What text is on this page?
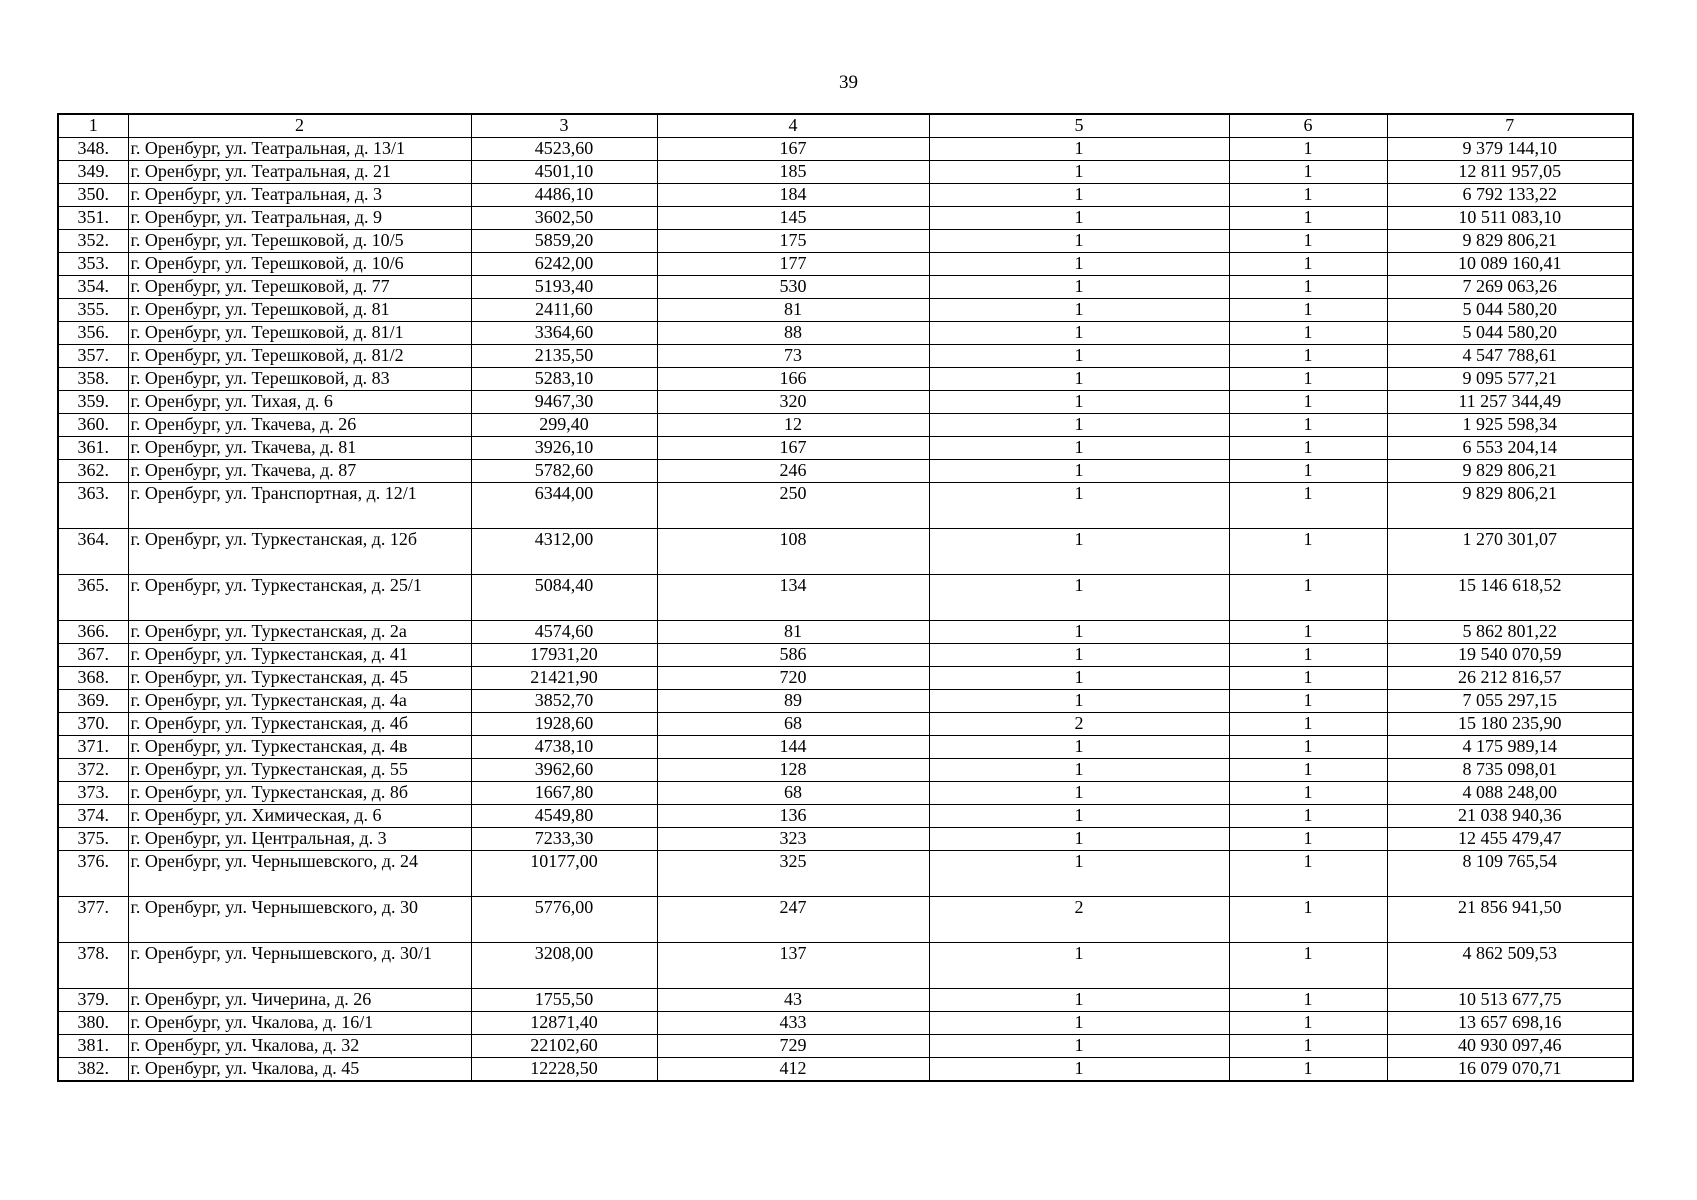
39
1	2	3	4	5	6	7
348.	г. Оренбург, ул. Театральная, д. 13/1	4523,60	167	1	1	9 379 144,10
349.	г. Оренбург, ул. Театральная, д. 21	4501,10	185	1	1	12 811 957,05
350.	г. Оренбург, ул. Театральная, д. 3	4486,10	184	1	1	6 792 133,22
351.	г. Оренбург, ул. Театральная, д. 9	3602,50	145	1	1	10 511 083,10
352.	г. Оренбург, ул. Терешковой, д. 10/5	5859,20	175	1	1	9 829 806,21
353.	г. Оренбург, ул. Терешковой, д. 10/6	6242,00	177	1	1	10 089 160,41
354.	г. Оренбург, ул. Терешковой, д. 77	5193,40	530	1	1	7 269 063,26
355.	г. Оренбург, ул. Терешковой, д. 81	2411,60	81	1	1	5 044 580,20
356.	г. Оренбург, ул. Терешковой, д. 81/1	3364,60	88	1	1	5 044 580,20
357.	г. Оренбург, ул. Терешковой, д. 81/2	2135,50	73	1	1	4 547 788,61
358.	г. Оренбург, ул. Терешковой, д. 83	5283,10	166	1	1	9 095 577,21
359.	г. Оренбург, ул. Тихая, д. 6	9467,30	320	1	1	11 257 344,49
360.	г. Оренбург, ул. Ткачева, д. 26	299,40	12	1	1	1 925 598,34
361.	г. Оренбург, ул. Ткачева, д. 81	3926,10	167	1	1	6 553 204,14
362.	г. Оренбург, ул. Ткачева, д. 87	5782,60	246	1	1	9 829 806,21
363.	г. Оренбург, ул. Транспортная, д. 12/1	6344,00	250	1	1	9 829 806,21
364.	г. Оренбург, ул. Туркестанская, д. 12б	4312,00	108	1	1	1 270 301,07
365.	г. Оренбург, ул. Туркестанская, д. 25/1	5084,40	134	1	1	15 146 618,52
366.	г. Оренбург, ул. Туркестанская, д. 2а	4574,60	81	1	1	5 862 801,22
367.	г. Оренбург, ул. Туркестанская, д. 41	17931,20	586	1	1	19 540 070,59
368.	г. Оренбург, ул. Туркестанская, д. 45	21421,90	720	1	1	26 212 816,57
369.	г. Оренбург, ул. Туркестанская, д. 4а	3852,70	89	1	1	7 055 297,15
370.	г. Оренбург, ул. Туркестанская, д. 4б	1928,60	68	2	1	15 180 235,90
371.	г. Оренбург, ул. Туркестанская, д. 4в	4738,10	144	1	1	4 175 989,14
372.	г. Оренбург, ул. Туркестанская, д. 55	3962,60	128	1	1	8 735 098,01
373.	г. Оренбург, ул. Туркестанская, д. 8б	1667,80	68	1	1	4 088 248,00
374.	г. Оренбург, ул. Химическая, д. 6	4549,80	136	1	1	21 038 940,36
375.	г. Оренбург, ул. Центральная, д. 3	7233,30	323	1	1	12 455 479,47
376.	г. Оренбург, ул. Чернышевского, д. 24	10177,00	325	1	1	8 109 765,54
377.	г. Оренбург, ул. Чернышевского, д. 30	5776,00	247	2	1	21 856 941,50
378.	г. Оренбург, ул. Чернышевского, д. 30/1	3208,00	137	1	1	4 862 509,53
379.	г. Оренбург, ул. Чичерина, д. 26	1755,50	43	1	1	10 513 677,75
380.	г. Оренбург, ул. Чкалова, д. 16/1	12871,40	433	1	1	13 657 698,16
381.	г. Оренбург, ул. Чкалова, д. 32	22102,60	729	1	1	40 930 097,46
382.	г. Оренбург, ул. Чкалова, д. 45	12228,50	412	1	1	16 079 070,71
